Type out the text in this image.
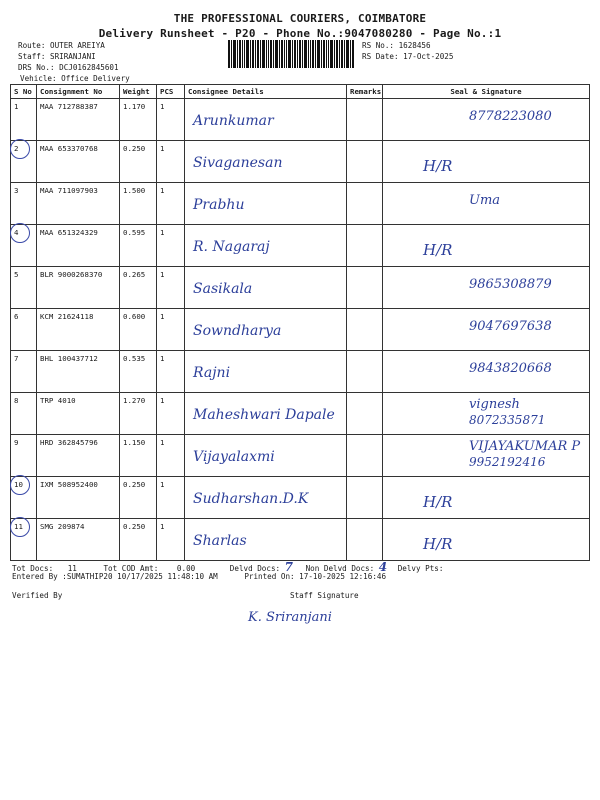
THE PROFESSIONAL COURIERS, COIMBATORE
Delivery Runsheet - P20 - Phone No.:9047080280 - Page No.:1
Route: OUTER AREIYA
Staff: SRIRANJANI
DRS No.: DCJ0162845601
Vehicle: Office Delivery
RS No.: 1628456
RS Date: 17-Oct-2025
S No	Consignment No	Weight	PCS	Consignee Details	Remarks	Seal & Signature

1	MAA 712788387	1.170	1	Arunkumar		8778223080

2	MAA 653370768	0.250	1	Sivaganesan		H/R

3	MAA 711097903	1.500	1	Prabhu		Uma

4	MAA 651324329	0.595	1	R. Nagaraj		H/R

5	BLR 9000268370	0.265	1	Sasikala		9865308879

6	KCM 21624118	0.600	1	Sowndharya		9047697638

7	BHL 100437712	0.535	1	Rajni		9843820668

8	TRP 4010	1.270	1	Maheshwari Dapale		vignesh
8072335871

9	HRD 362845796	1.150	1	Vijayalaxmi		VIJAYAKUMAR P
9952192416

10	IXM 508952400	0.250	1	Sudharshan.D.K		H/R

11	SMG 209874	0.250	1	Sharlas		H/R
Tot Docs: 11	Tot COD Amt: 0.00	Delvd Docs: 7 Non Delvd Docs: 4 Delvy Pts:
Entered By :SUMATHIP20 10/17/2025 11:48:10 AM	Printed On: 17-10-2025 12:16:46
Verified By	Staff Signature
K. Sriranjani
